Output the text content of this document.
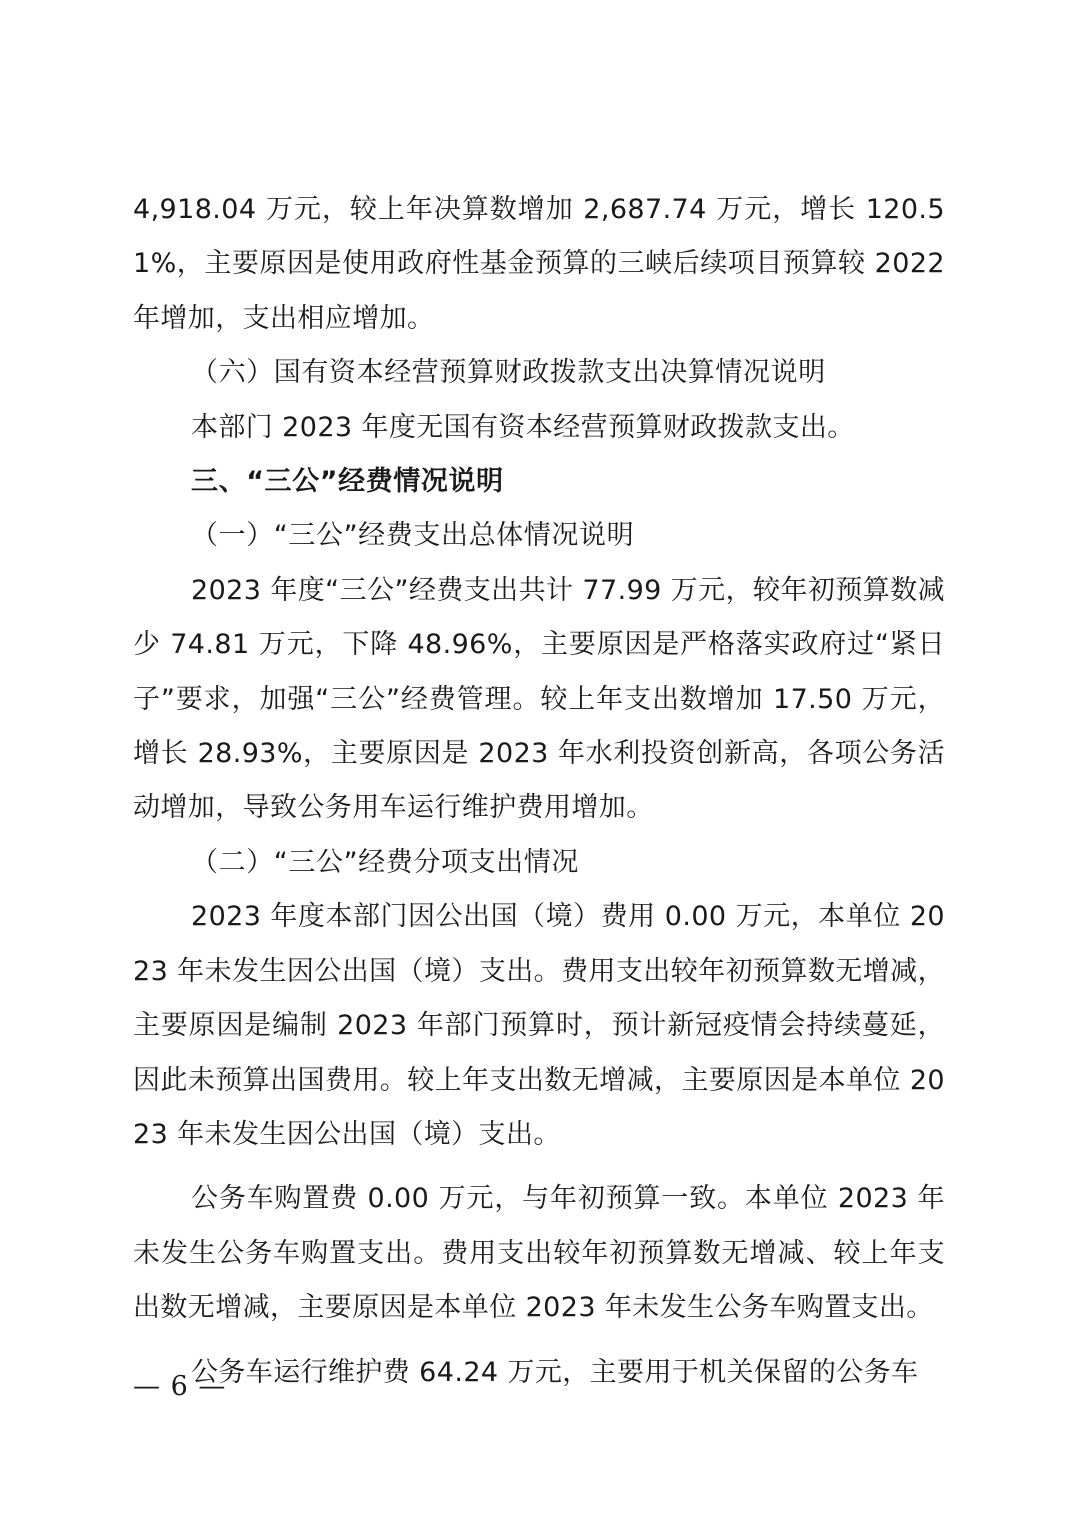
4,918.04 万元，较上年决算数增加 2,687.74 万元，增长 120.51%，主要原因是使用政府性基金预算的三峡后续项目预算较 2022 年增加，支出相应增加。

（六）国有资本经营预算财政拨款支出决算情况说明

本部门 2023 年度无国有资本经营预算财政拨款支出。

三、“三公”经费情况说明

（一）“三公”经费支出总体情况说明

2023 年度“三公”经费支出共计 77.99 万元，较年初预算数减少 74.81 万元，下降 48.96%，主要原因是严格落实政府过“紧日子”要求，加强“三公”经费管理。较上年支出数增加 17.50 万元，增长 28.93%，主要原因是 2023 年水利投资创新高，各项公务活动增加，导致公务用车运行维护费用增加。

（二）“三公”经费分项支出情况

2023 年度本部门因公出国（境）费用 0.00 万元，本单位 2023 年未发生因公出国（境）支出。费用支出较年初预算数无增减，主要原因是编制 2023 年部门预算时，预计新冠疫情会持续蔓延，因此未预算出国费用。较上年支出数无增减，主要原因是本单位 2023 年未发生因公出国（境）支出。

公务车购置费 0.00 万元，与年初预算一致。本单位 2023 年未发生公务车购置支出。费用支出较年初预算数无增减、较上年支出数无增减，主要原因是本单位 2023 年未发生公务车购置支出。

公务车运行维护费 64.24 万元，主要用于机关保留的公务车

— 6 —
